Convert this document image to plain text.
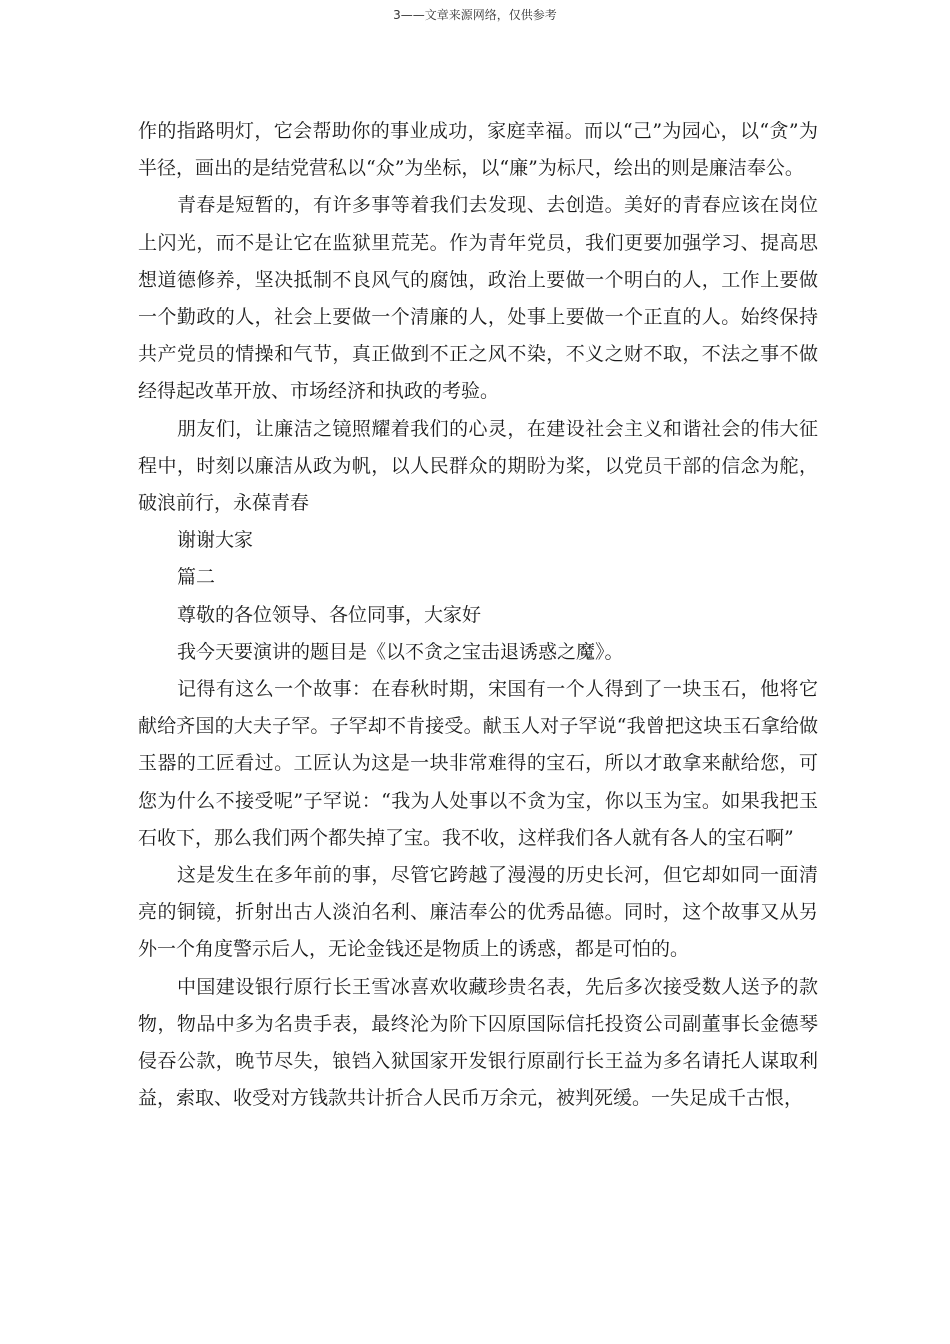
3——文章来源网络，仅供参考

作的指路明灯，它会帮助你的事业成功，家庭幸福。而以“己”为园心，以“贪”为半径，画出的是结党营私以“众”为坐标，以“廉”为标尺，绘出的则是廉洁奉公。

青春是短暂的，有许多事等着我们去发现、去创造。美好的青春应该在岗位上闪光，而不是让它在监狱里荒芜。作为青年党员，我们更要加强学习、提高思想道德修养，坚决抵制不良风气的腐蚀，政治上要做一个明白的人，工作上要做一个勤政的人，社会上要做一个清廉的人，处事上要做一个正直的人。始终保持共产党员的情操和气节，真正做到不正之风不染，不义之财不取，不法之事不做经得起改革开放、市场经济和执政的考验。

朋友们，让廉洁之镜照耀着我们的心灵，在建设社会主义和谐社会的伟大征程中，时刻以廉洁从政为帆，以人民群众的期盼为桨，以党员干部的信念为舵，破浪前行，永葆青春

谢谢大家

篇二

尊敬的各位领导、各位同事，大家好

我今天要演讲的题目是《以不贪之宝击退诱惑之魔》。

记得有这么一个故事：在春秋时期，宋国有一个人得到了一块玉石，他将它献给齐国的大夫子罕。子罕却不肯接受。献玉人对子罕说“我曾把这块玉石拿给做玉器的工匠看过。工匠认为这是一块非常难得的宝石，所以才敢拿来献给您，可您为什么不接受呢”子罕说：“我为人处事以不贪为宝，你以玉为宝。如果我把玉石收下，那么我们两个都失掉了宝。我不收，这样我们各人就有各人的宝石啊”

这是发生在多年前的事，尽管它跨越了漫漫的历史长河，但它却如同一面清亮的铜镜，折射出古人淡泊名利、廉洁奉公的优秀品德。同时，这个故事又从另外一个角度警示后人，无论金钱还是物质上的诱惑，都是可怕的。

中国建设银行原行长王雪冰喜欢收藏珍贵名表，先后多次接受数人送予的款物，物品中多为名贵手表，最终沦为阶下囚原国际信托投资公司副董事长金德琴侵吞公款，晚节尽失，锒铛入狱国家开发银行原副行长王益为多名请托人谋取利益，索取、收受对方钱款共计折合人民币万余元，被判死缓。一失足成千古恨，
